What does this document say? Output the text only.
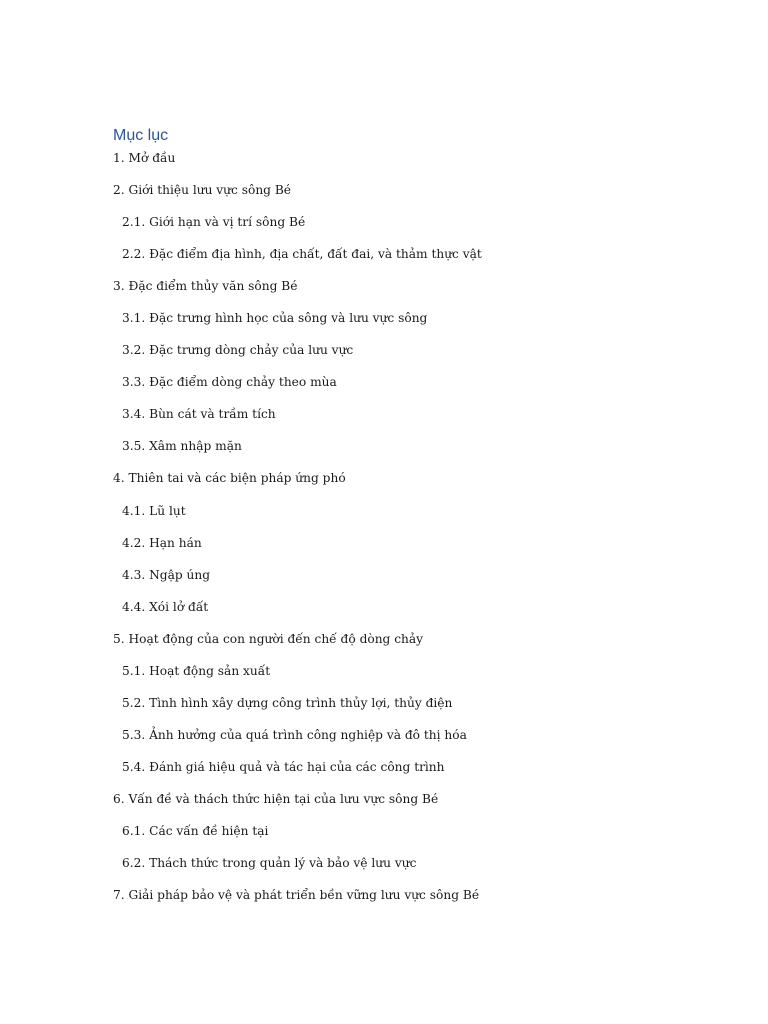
Mục lục
1. Mở đầu
2. Giới thiệu lưu vực sông Bé
2.1. Giới hạn và vị trí sông Bé
2.2. Đặc điểm địa hình, địa chất, đất đai, và thảm thực vật
3. Đặc điểm thủy văn sông Bé
3.1. Đặc trưng hình học của sông và lưu vực sông
3.2. Đặc trưng dòng chảy của lưu vực
3.3. Đặc điểm dòng chảy theo mùa
3.4. Bùn cát và trầm tích
3.5. Xâm nhập mặn
4. Thiên tai và các biện pháp ứng phó
4.1. Lũ lụt
4.2. Hạn hán
4.3. Ngập úng
4.4. Xói lở đất
5. Hoạt động của con người đến chế độ dòng chảy
5.1. Hoạt động sản xuất
5.2. Tình hình xây dựng công trình thủy lợi, thủy điện
5.3. Ảnh hưởng của quá trình công nghiệp và đô thị hóa
5.4. Đánh giá hiệu quả và tác hại của các công trình
6. Vấn đề và thách thức hiện tại của lưu vực sông Bé
6.1. Các vấn đề hiện tại
6.2. Thách thức trong quản lý và bảo vệ lưu vực
7. Giải pháp bảo vệ và phát triển bền vững lưu vực sông Bé
